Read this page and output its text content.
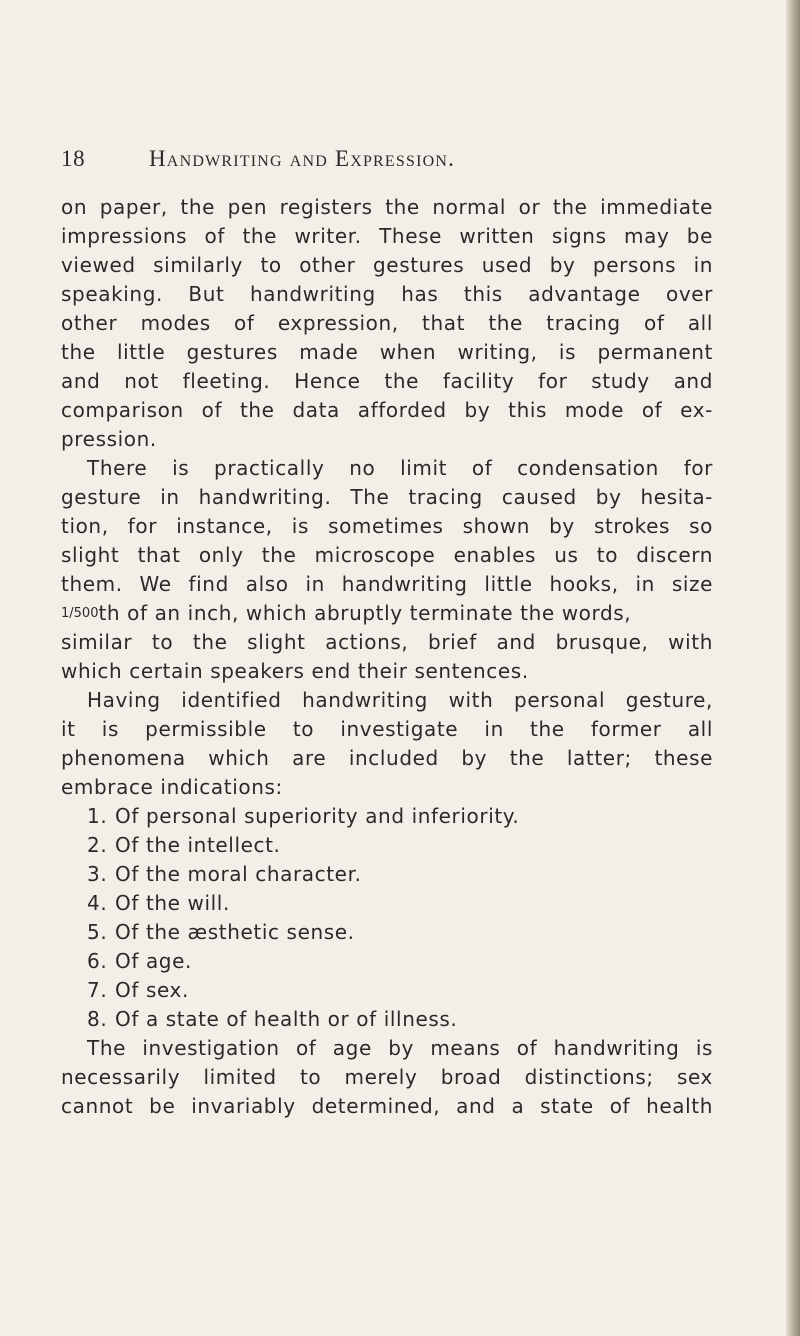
18	Handwriting and Expression.
on paper, the pen registers the normal or the immediate
impressions of the writer. These written signs may be
viewed similarly to other gestures used by persons in
speaking. But handwriting has this advantage over
other modes of expression, that the tracing of all
the little gestures made when writing, is permanent
and not fleeting. Hence the facility for study and
comparison of the data afforded by this mode of ex-
pression.
There is practically no limit of condensation for
gesture in handwriting. The tracing caused by hesita-
tion, for instance, is sometimes shown by strokes so
slight that only the microscope enables us to discern
them. We find also in handwriting little hooks, in size
1/500th of an inch, which abruptly terminate the words,
similar to the slight actions, brief and brusque, with
which certain speakers end their sentences.
Having identified handwriting with personal gesture,
it is permissible to investigate in the former all
phenomena which are included by the latter; these
embrace indications:
1. Of personal superiority and inferiority.
2. Of the intellect.
3. Of the moral character.
4. Of the will.
5. Of the æsthetic sense.
6. Of age.
7. Of sex.
8. Of a state of health or of illness.
The investigation of age by means of handwriting is
necessarily limited to merely broad distinctions; sex
cannot be invariably determined, and a state of health
